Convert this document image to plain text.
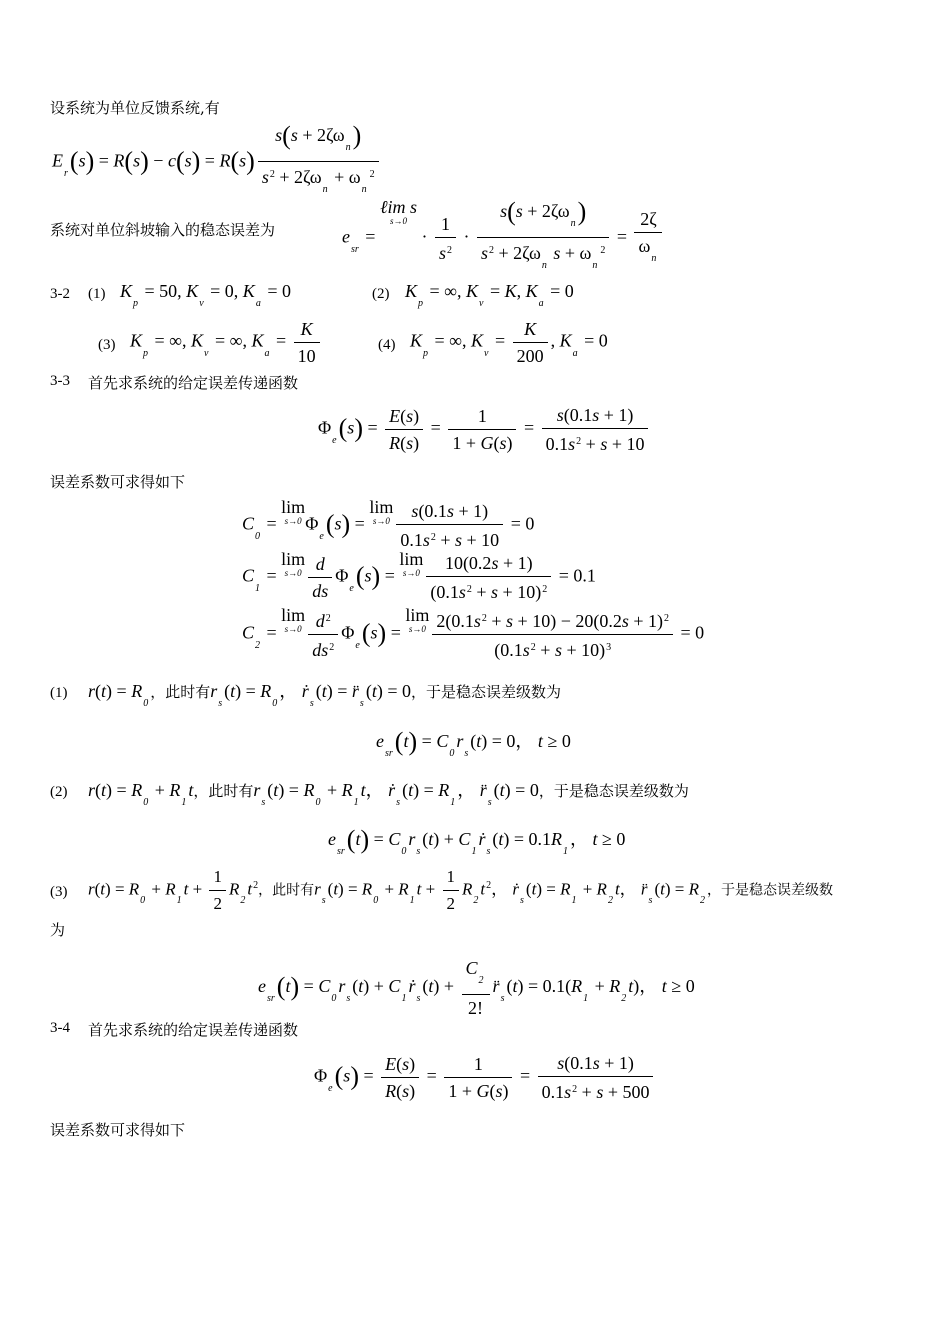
设系统为单位反馈系统,有
$E_r(s) = R(s) - c(s) = R(s) \frac{s(s + 2\zeta\omega_n)}{s^2 + 2\zeta\omega_n + \omega_n^2}$
系统对单位斜坡输入的稳态误差为	$e_{sr}$ = ℓim s
s→0
· $\frac{1}{s^2} \cdot \frac{s(s + 2\zeta\omega_n)}{s^2 + 2\zeta\omega_n s + \omega_n^2} = \frac{2\zeta}{\omega_n}$
3-2 (1) $K_p = 50$, $K_v = 0$, $K_a = 0$	(2) $K_p$ = ∞, $K_v = K$, $K_a = 0$
(3) $K_p$ = ∞, $K_v$ = ∞, $K_a = \frac{K}{10}$	(4) $K_p$ = ∞, $K_v = \frac{K}{200}$ , $K_a = 0$
3-3 首先求系统的给定误差传递函数
$\Phi_e(s) = \frac{E(s)}{R(s)} = \frac{1}{1 + G(s)} = \frac{s(0.1s + 1)}{0.1s^2 + s + 10}$
误差系数可求得如下
$C_0 = \lim$
s→0 $\Phi_e(s) = \lim$
$s\to 0 \frac{s(0.1s + 1)}{0.1s^2 + s + 10} = 0$
$C_1 = \lim$
$s\to 0 \frac{d}{ds} \Phi_e(s) = \lim$
$s\to 0 \frac{10(0.2s + 1)}{(0.1s^2 + s + 10)^2} = 0.1$
$C_2 = \lim$
$s\to 0 \frac{d^2}{ds^2} \Phi_e(s) = \lim$
$s\to 0 \frac{2(0.1s^2 + s + 10) - 20(0.2s + 1)^2}{(0.1s^2 + s + 10)^3} = 0$
(1) $r(t) = R_0$，此时有$r_s(t) = R_0$， ṙ$_s$(t) = $r̈_s(t) = 0$，于是稳态误差级数为
$e_{sr}(t) = C_0r_s(t) = 0$， t ≥ 0
(2) $r(t) = R_0 + R_1t$，此时有$r_s(t) = R_0 + R_1t$， ṙ$_s$(t) = $R_1$， $r̈_s(t) = 0$，于是稳态误差级数为
$e_{sr}(t) = C_0r_s(t)$ + $C_1ṙ_s(t) = 0.1R_1$， t ≥ 0
(3) $r(t) = R_0 + R_1t + \frac{1}{2} R_2t^2$，此时有$r_s(t) = R_0 + R_1t + \frac{1}{2} R_2t^2$， ṙ$_s$(t) = $R_1 + R_2t$， $r̈_s(t) = R_2$，于是稳态误差级数
为
$e_{sr}(t) = C_0r_s(t)$ + $C_1ṙ_s(t) + \frac{C_2}{2!}$ $r̈_s(t) = 0.1(R_1 + R_2t)$， t ≥ 0
3-4 首先求系统的给定误差传递函数
$\Phi_e(s) = \frac{E(s)}{R(s)} = \frac{1}{1 + G(s)} = \frac{s(0.1s + 1)}{0.1s^2 + s + 500}$
误差系数可求得如下
